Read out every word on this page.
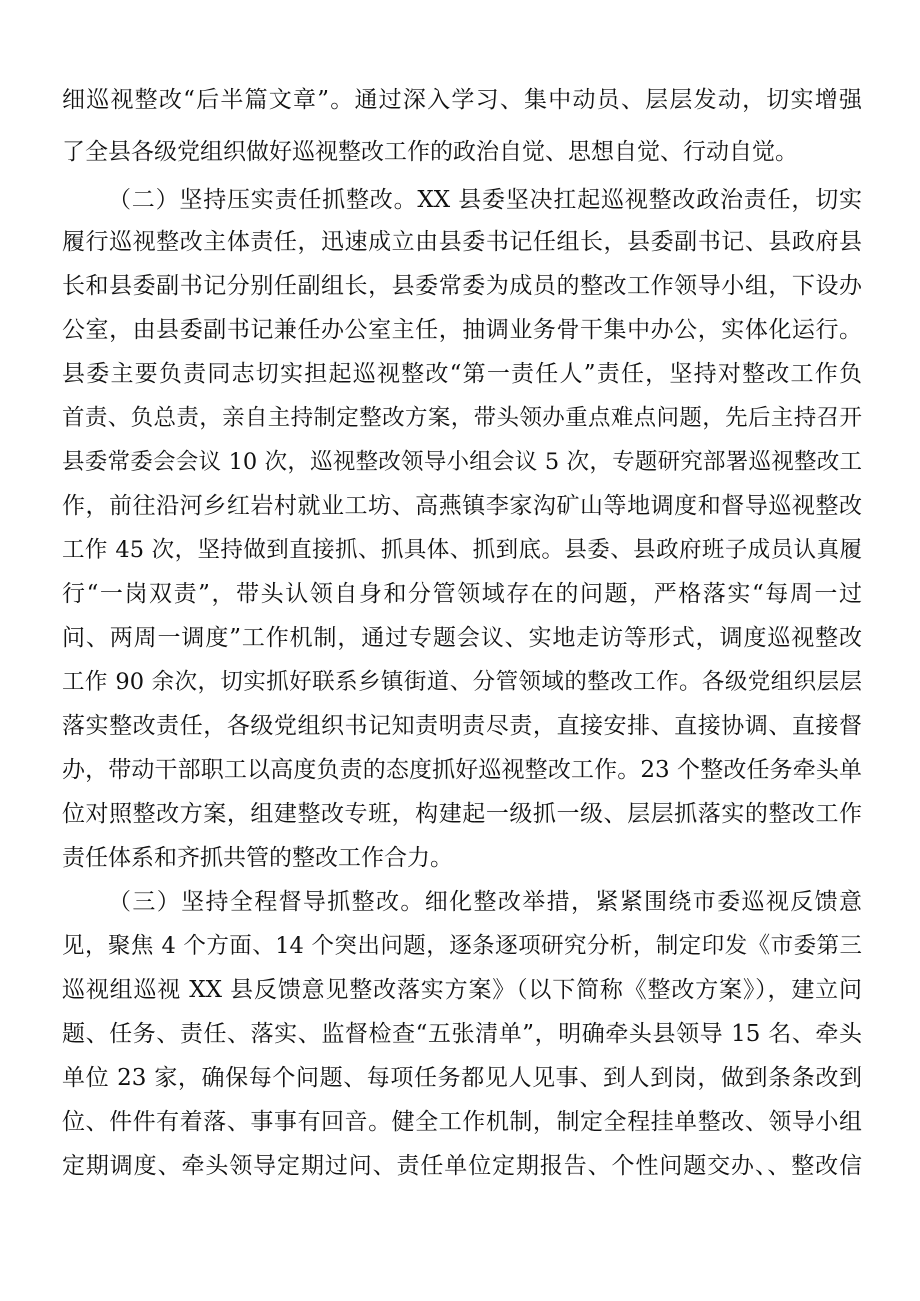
细巡视整改“后半篇文章”。通过深入学习、集中动员、层层发动，切实增强
了全县各级党组织做好巡视整改工作的政治自觉、思想自觉、行动自觉。
（二）坚持压实责任抓整改。XX 县委坚决扛起巡视整改政治责任，切实
履行巡视整改主体责任，迅速成立由县委书记任组长，县委副书记、县政府县
长和县委副书记分别任副组长，县委常委为成员的整改工作领导小组，下设办
公室，由县委副书记兼任办公室主任，抽调业务骨干集中办公，实体化运行。
县委主要负责同志切实担起巡视整改“第一责任人”责任，坚持对整改工作负
首责、负总责，亲自主持制定整改方案，带头领办重点难点问题，先后主持召开
县委常委会会议 10 次，巡视整改领导小组会议 5 次，专题研究部署巡视整改工
作，前往沿河乡红岩村就业工坊、高燕镇李家沟矿山等地调度和督导巡视整改
工作 45 次，坚持做到直接抓、抓具体、抓到底。县委、县政府班子成员认真履
行“一岗双责”，带头认领自身和分管领域存在的问题，严格落实“每周一过
问、两周一调度”工作机制，通过专题会议、实地走访等形式，调度巡视整改
工作 90 余次，切实抓好联系乡镇街道、分管领域的整改工作。各级党组织层层
落实整改责任，各级党组织书记知责明责尽责，直接安排、直接协调、直接督
办，带动干部职工以高度负责的态度抓好巡视整改工作。23 个整改任务牵头单
位对照整改方案，组建整改专班，构建起一级抓一级、层层抓落实的整改工作
责任体系和齐抓共管的整改工作合力。
（三）坚持全程督导抓整改。细化整改举措，紧紧围绕市委巡视反馈意
见，聚焦 4 个方面、14 个突出问题，逐条逐项研究分析，制定印发《市委第三
巡视组巡视 XX 县反馈意见整改落实方案》（以下简称《整改方案》），建立问
题、任务、责任、落实、监督检查“五张清单”，明确牵头县领导 15 名、牵头
单位 23 家，确保每个问题、每项任务都见人见事、到人到岗，做到条条改到
位、件件有着落、事事有回音。健全工作机制，制定全程挂单整改、领导小组
定期调度、牵头领导定期过问、责任单位定期报告、个性问题交办、、整改信
